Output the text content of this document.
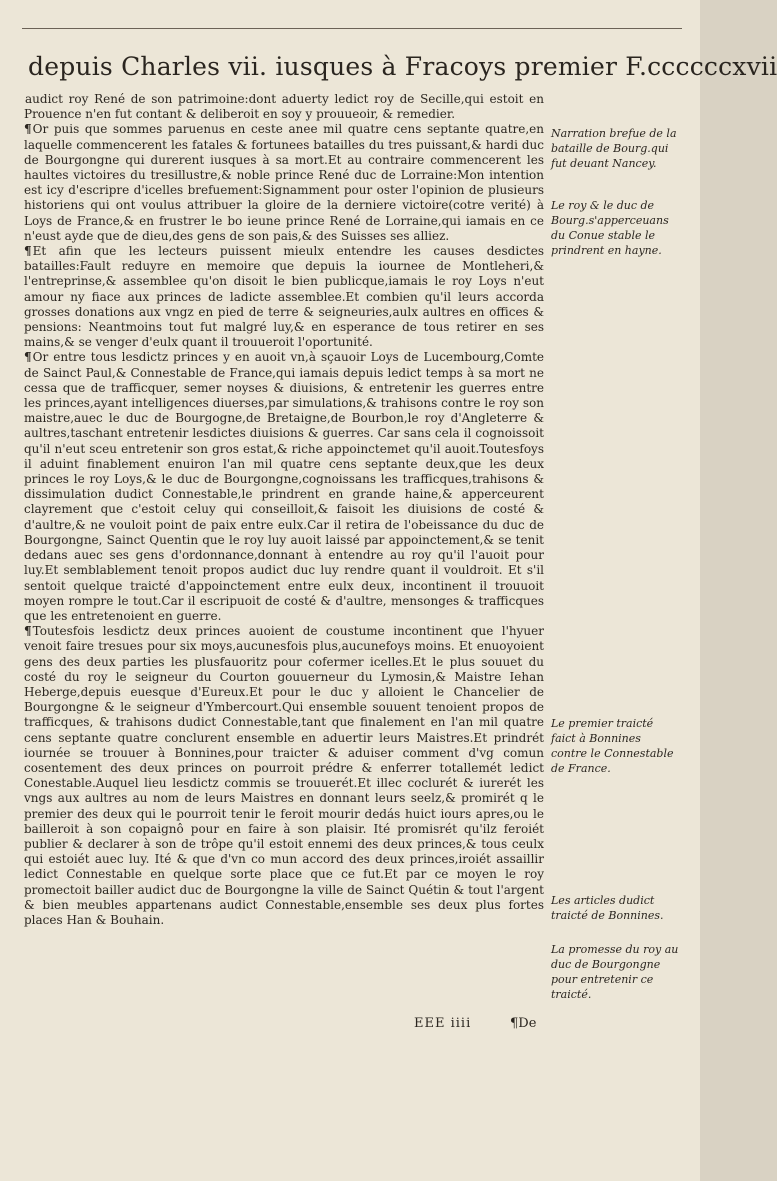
depuis Charles vii. iusques à Fracoys premier F. ccccccxvii

audict roy René de son patrimoine:dont aduerty ledict roy de Secille,qui estoit en Prouence n'en fut contant & deliberoit en soy y prouueoir, & remedier.

¶Or puis que sommes paruenus en ceste anee mil quatre cens septante quatre,en laquelle commencerent les fatales & fortunees batailles du tres puissant,& hardi duc de Bourgongne qui durerent iusques à sa mort.Et au contraire commencerent les haultes victoires du tresillustre,& noble prince René duc de Lorraine:Mon intention est icy d'escripre d'icelles brefuement:Signamment pour oster l'opinion de plusieurs historiens qui ont voulus attribuer la gloire de la derniere victoire(cotre verité) à Loys de France,& en frustrer le bo ieune prince René de Lorraine,qui iamais en ce n'eust ayde que de dieu,des gens de son pais,& des Suisses ses alliez.

¶Et afin que les lecteurs puissent mieulx entendre les causes desdictes batailles:Fault reduyre en memoire que depuis la iournee de Montleheri,& l'entreprinse,& assemblee qu'on disoit le bien publicque,iamais le roy Loys n'eut amour ny fiace aux princes de ladicte assemblee.Et combien qu'il leurs accorda grosses donations aux vngz en pied de terre & seigneuries,aulx aultres en offices & pensions: Neantmoins tout fut malgré luy,& en esperance de tous retirer en ses mains,& se venger d'eulx quant il trouueroit l'oportunité.

¶Or entre tous lesdictz princes y en auoit vn,à sçauoir Loys de Lucembourg,Comte de Sainct Paul,& Connestable de France,qui iamais depuis ledict temps à sa mort ne cessa que de trafficquer, semer noyses & diuisions, & entretenir les guerres entre les princes,ayant intelligences diuerses,par simulations,& trahisons contre le roy son maistre,auec le duc de Bourgogne,de Bretaigne,de Bourbon,le roy d'Angleterre & aultres,taschant entretenir lesdictes diuisions & guerres. Car sans cela il cognoissoit qu'il n'eut sceu entretenir son gros estat,& riche appoinctemet qu'il auoit.Toutesfoys il aduint finablement enuiron l'an mil quatre cens septante deux,que les deux princes le roy Loys,& le duc de Bourgongne,cognoissans les trafficques,trahisons & dissimulation dudict Connestable,le prindrent en grande haine,& apperceurent clayrement que c'estoit celuy qui conseilloit,& faisoit les diuisions de costé & d'aultre,& ne vouloit point de paix entre eulx.Car il retira de l'obeissance du duc de Bourgongne, Sainct Quentin que le roy luy auoit laissé par appoinctement,& se tenit dedans auec ses gens d'ordonnance,donnant à entendre au roy qu'il l'auoit pour luy.Et semblablement tenoit propos audict duc luy rendre quant il vouldroit. Et s'il sentoit quelque traicté d'appoinctement entre eulx deux, incontinent il trouuoit moyen rompre le tout.Car il escripuoit de costé & d'aultre, mensonges & trafficques que les entretenoient en guerre.

¶Toutesfois lesdictz deux princes auoient de coustume incontinent que l'hyuer venoit faire tresues pour six moys,aucunesfois plus,aucunefoys moins. Et enuoyoient gens des deux parties les plusfauoritz pour cofermer icelles.Et le plus souuet du costé du roy le seigneur du Courton gouuerneur du Lymosin,& Maistre Iehan Heberge,depuis euesque d'Eureux.Et pour le duc y alloient le Chancelier de Bourgongne & le seigneur d'Ymbercourt.Qui ensemble souuent tenoient propos de trafficques, & trahisons dudict Connestable,tant que finalement en l'an mil quatre cens septante quatre conclurent ensemble en aduertir leurs Maistres.Et prindrét iournée se trouuer à Bonnines,pour traicter & aduiser comment d'vg comun cosentement des deux princes on pourroit prédre & enferrer totallemét ledict Conestable.Auquel lieu lesdictz commis se trouuerét.Et illec coclurét & iurerét les vngs aux aultres au nom de leurs Maistres en donnant leurs seelz,& promirét q le premier des deux qui le pourroit tenir le feroit mourir dedás huict iours apres,ou le bailleroit à son copaignô pour en faire à son plaisir. Ité promisrét qu'ilz feroiét publier & declarer à son de trôpe qu'il estoit ennemi des deux princes,& tous ceulx qui estoiét auec luy. Ité & que d'vn co mun accord des deux princes,iroiét assaillir ledict Connestable en quelque sorte place que ce fut.Et par ce moyen le roy promectoit bailler audict duc de Bourgongne la ville de Sainct Quétin & tout l'argent & bien meubles appartenans audict Connestable,ensemble ses deux plus fortes places Han & Bouhain.

Narration brefue de la bataille de Bourg.qui fut deuant Nancey.
Le roy & le duc de Bourg.s'apperceuans du Conue stable le prindrent en hayne.
Le premier traicté faict à Bonnines contre le Connestable de France.
Les articles dudict traicté de Bonnines.
La promesse du roy au duc de Bourgongne pour entretenir ce traicté.
EEE iiii	¶De
